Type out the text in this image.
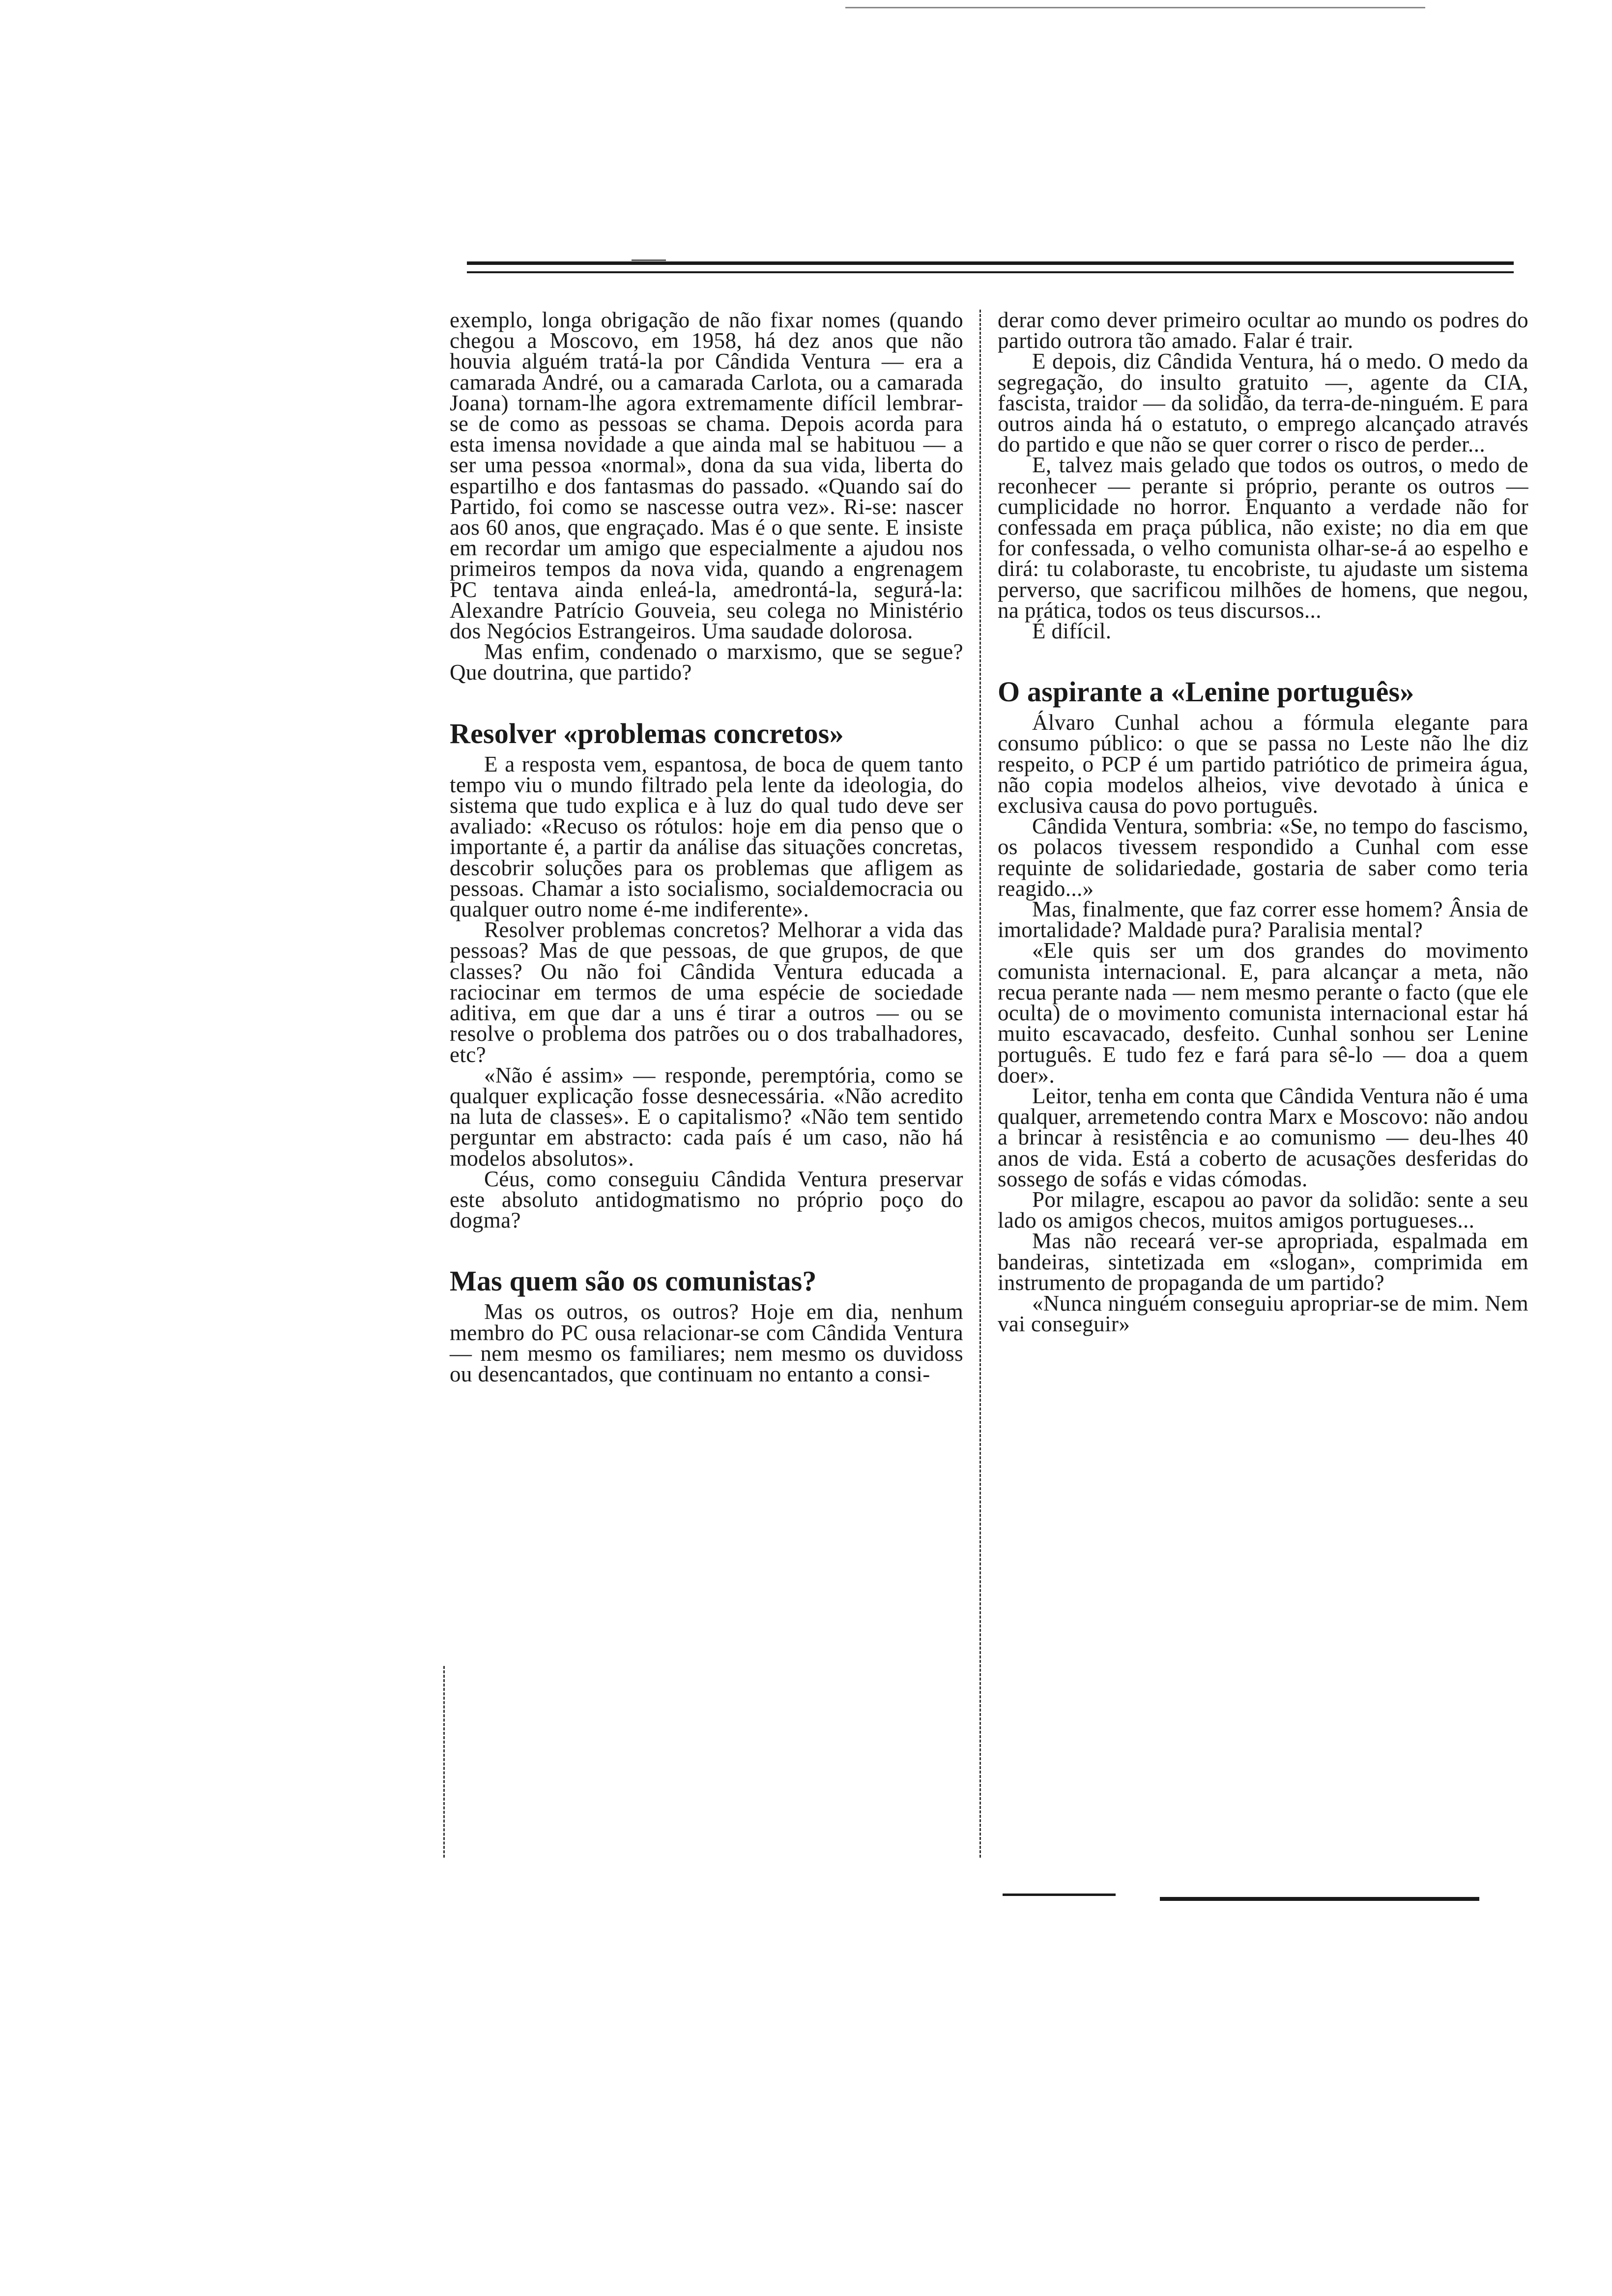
exemplo, longa obrigação de não fixar nomes (quando chegou a Moscovo, em 1958, há dez anos que não houvia alguém tratá-la por Cândida Ventura — era a camarada André, ou a camarada Carlota, ou a camarada Joana) tornam-lhe agora extremamente difícil lembrar-se de como as pessoas se chama. Depois acorda para esta imensa novidade a que ainda mal se habituou — a ser uma pessoa «normal», dona da sua vida, liberta do espartilho e dos fantasmas do passado. «Quando saí do Partido, foi como se nascesse outra vez». Ri-se: nascer aos 60 anos, que engraçado. Mas é o que sente. E insiste em recordar um amigo que especialmente a ajudou nos primeiros tempos da nova vida, quando a engrenagem PC tentava ainda enleá-la, amedrontá-la, segurá-la: Alexandre Patrício Gouveia, seu colega no Ministério dos Negócios Estrangeiros. Uma saudade dolorosa.

Mas enfim, condenado o marxismo, que se segue? Que doutrina, que partido?

Resolver «problemas concretos»

E a resposta vem, espantosa, de boca de quem tanto tempo viu o mundo filtrado pela lente da ideologia, do sistema que tudo explica e à luz do qual tudo deve ser avaliado: «Recuso os rótulos: hoje em dia penso que o importante é, a partir da análise das situações concretas, descobrir soluções para os problemas que afligem as pessoas. Chamar a isto socialismo, socialdemocracia ou qualquer outro nome é-me indiferente».

Resolver problemas concretos? Melhorar a vida das pessoas? Mas de que pessoas, de que grupos, de que classes? Ou não foi Cândida Ventura educada a raciocinar em termos de uma espécie de sociedade aditiva, em que dar a uns é tirar a outros — ou se resolve o problema dos patrões ou o dos trabalhadores, etc?

«Não é assim» — responde, peremptória, como se qualquer explicação fosse desnecessária. «Não acredito na luta de classes». E o capitalismo? «Não tem sentido perguntar em abstracto: cada país é um caso, não há modelos absolutos».

Céus, como conseguiu Cândida Ventura preservar este absoluto antidogmatismo no próprio poço do dogma?

Mas quem são os comunistas?

Mas os outros, os outros? Hoje em dia, nenhum membro do PC ousa relacionar-se com Cândida Ventura — nem mesmo os familiares; nem mesmo os duvidoss ou desencantados, que continuam no entanto a consi-

derar como dever primeiro ocultar ao mundo os podres do partido outrora tão amado. Falar é trair.

E depois, diz Cândida Ventura, há o medo. O medo da segregação, do insulto gratuito —, agente da CIA, fascista, traidor — da solidão, da terra-de-ninguém. E para outros ainda há o estatuto, o emprego alcançado através do partido e que não se quer correr o risco de perder...

E, talvez mais gelado que todos os outros, o medo de reconhecer — perante si próprio, perante os outros — cumplicidade no horror. Enquanto a verdade não for confessada em praça pública, não existe; no dia em que for confessada, o velho comunista olhar-se-á ao espelho e dirá: tu colaboraste, tu encobriste, tu ajudaste um sistema perverso, que sacrificou milhões de homens, que negou, na prática, todos os teus discursos...

É difícil.

O aspirante a «Lenine português»

Álvaro Cunhal achou a fórmula elegante para consumo público: o que se passa no Leste não lhe diz respeito, o PCP é um partido patriótico de primeira água, não copia modelos alheios, vive devotado à única e exclusiva causa do povo português.

Cândida Ventura, sombria: «Se, no tempo do fascismo, os polacos tivessem respondido a Cunhal com esse requinte de solidariedade, gostaria de saber como teria reagido...»

Mas, finalmente, que faz correr esse homem? Ânsia de imortalidade? Maldade pura? Paralisia mental?

«Ele quis ser um dos grandes do movimento comunista internacional. E, para alcançar a meta, não recua perante nada — nem mesmo perante o facto (que ele oculta) de o movimento comunista internacional estar há muito escavacado, desfeito. Cunhal sonhou ser Lenine português. E tudo fez e fará para sê-lo — doa a quem doer».

Leitor, tenha em conta que Cândida Ventura não é uma qualquer, arremetendo contra Marx e Moscovo: não andou a brincar à resistência e ao comunismo — deu-lhes 40 anos de vida. Está a coberto de acusações desferidas do sossego de sofás e vidas cómodas.

Por milagre, escapou ao pavor da solidão: sente a seu lado os amigos checos, muitos amigos portugueses...

Mas não receará ver-se apropriada, espalmada em bandeiras, sintetizada em «slogan», comprimida em instrumento de propaganda de um partido?

«Nunca ninguém conseguiu apropriar-se de mim. Nem vai conseguir»
